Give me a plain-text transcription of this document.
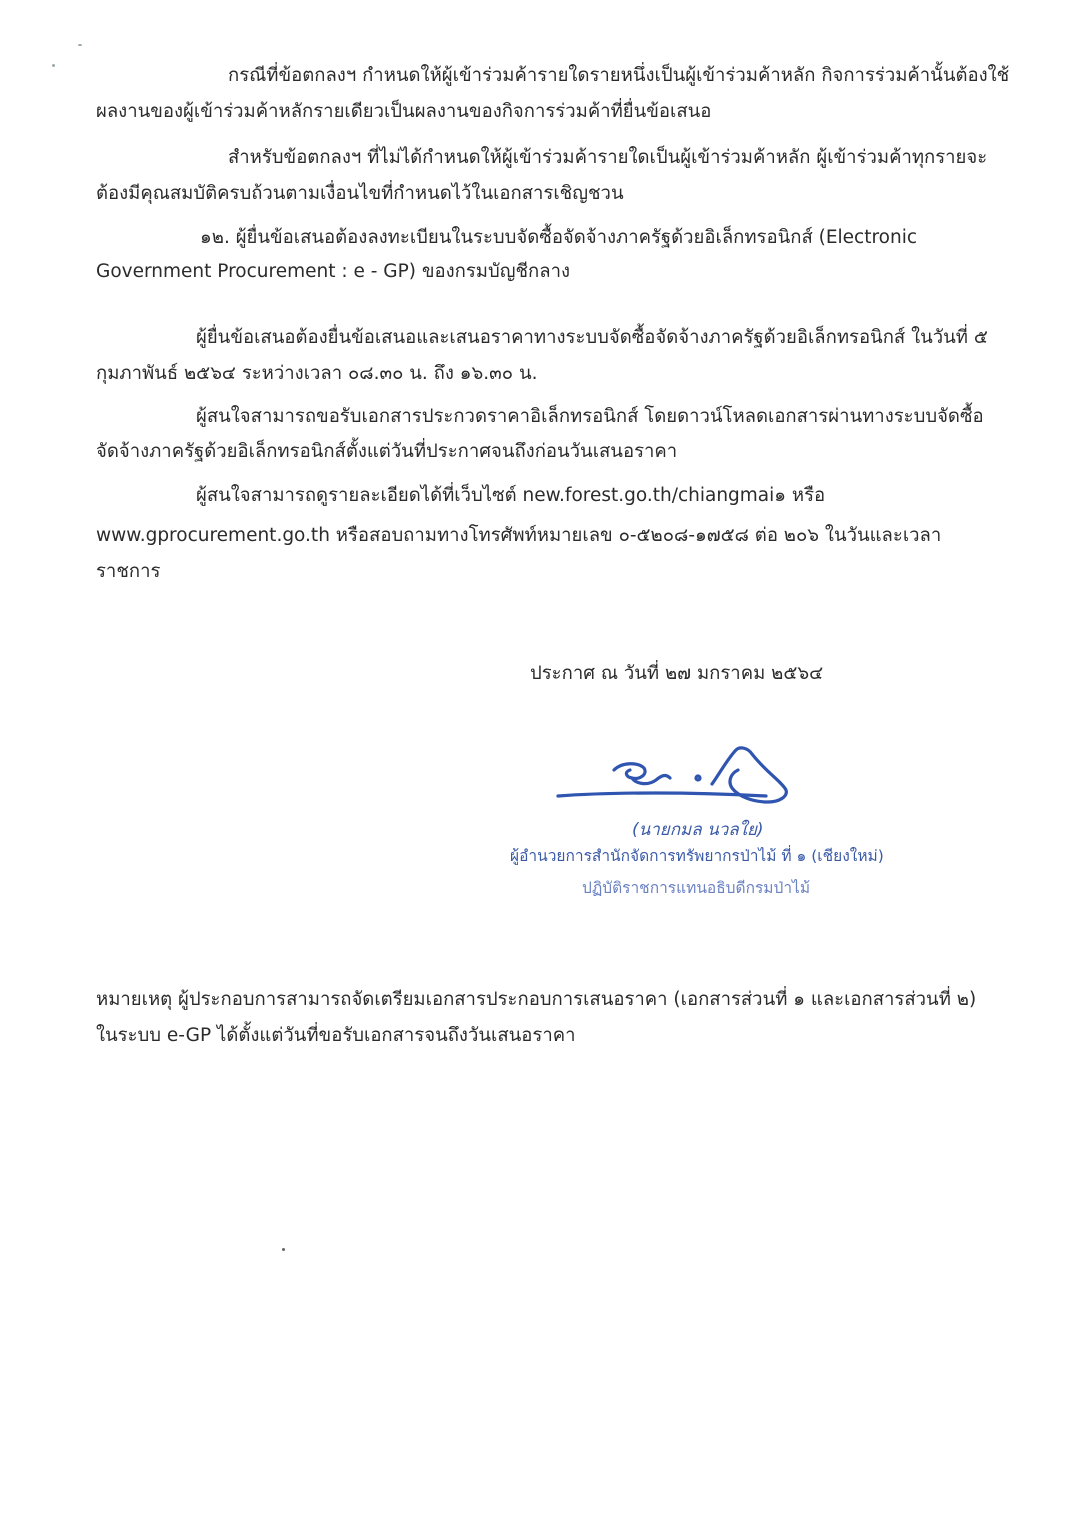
กรณีที่ข้อตกลงฯ กำหนดให้ผู้เข้าร่วมค้ารายใดรายหนึ่งเป็นผู้เข้าร่วมค้าหลัก กิจการร่วมค้านั้นต้องใช้
ผลงานของผู้เข้าร่วมค้าหลักรายเดียวเป็นผลงานของกิจการร่วมค้าที่ยื่นข้อเสนอ
สำหรับข้อตกลงฯ ที่ไม่ได้กำหนดให้ผู้เข้าร่วมค้ารายใดเป็นผู้เข้าร่วมค้าหลัก ผู้เข้าร่วมค้าทุกรายจะ
ต้องมีคุณสมบัติครบถ้วนตามเงื่อนไขที่กำหนดไว้ในเอกสารเชิญชวน
๑๒. ผู้ยื่นข้อเสนอต้องลงทะเบียนในระบบจัดซื้อจัดจ้างภาครัฐด้วยอิเล็กทรอนิกส์ (Electronic
Government Procurement : e - GP) ของกรมบัญชีกลาง
ผู้ยื่นข้อเสนอต้องยื่นข้อเสนอและเสนอราคาทางระบบจัดซื้อจัดจ้างภาครัฐด้วยอิเล็กทรอนิกส์ ในวันที่ ๕
กุมภาพันธ์ ๒๕๖๔ ระหว่างเวลา ๐๘.๓๐ น. ถึง ๑๖.๓๐ น.
ผู้สนใจสามารถขอรับเอกสารประกวดราคาอิเล็กทรอนิกส์ โดยดาวน์โหลดเอกสารผ่านทางระบบจัดซื้อ
จัดจ้างภาครัฐด้วยอิเล็กทรอนิกส์ตั้งแต่วันที่ประกาศจนถึงก่อนวันเสนอราคา
ผู้สนใจสามารถดูรายละเอียดได้ที่เว็บไซต์ new.forest.go.th/chiangmai๑ หรือ
www.gprocurement.go.th หรือสอบถามทางโทรศัพท์หมายเลข ๐-๕๒๐๘-๑๗๕๘ ต่อ ๒๐๖ ในวันและเวลา
ราชการ
ประกาศ ณ วันที่ ๒๗ มกราคม ๒๕๖๔
(นายกมล นวลใย)
ผู้อำนวยการสำนักจัดการทรัพยากรป่าไม้ ที่ ๑ (เชียงใหม่)
ปฏิบัติราชการแทนอธิบดีกรมป่าไม้
หมายเหตุ ผู้ประกอบการสามารถจัดเตรียมเอกสารประกอบการเสนอราคา (เอกสารส่วนที่ ๑ และเอกสารส่วนที่ ๒)
ในระบบ e-GP ได้ตั้งแต่วันที่ขอรับเอกสารจนถึงวันเสนอราคา
